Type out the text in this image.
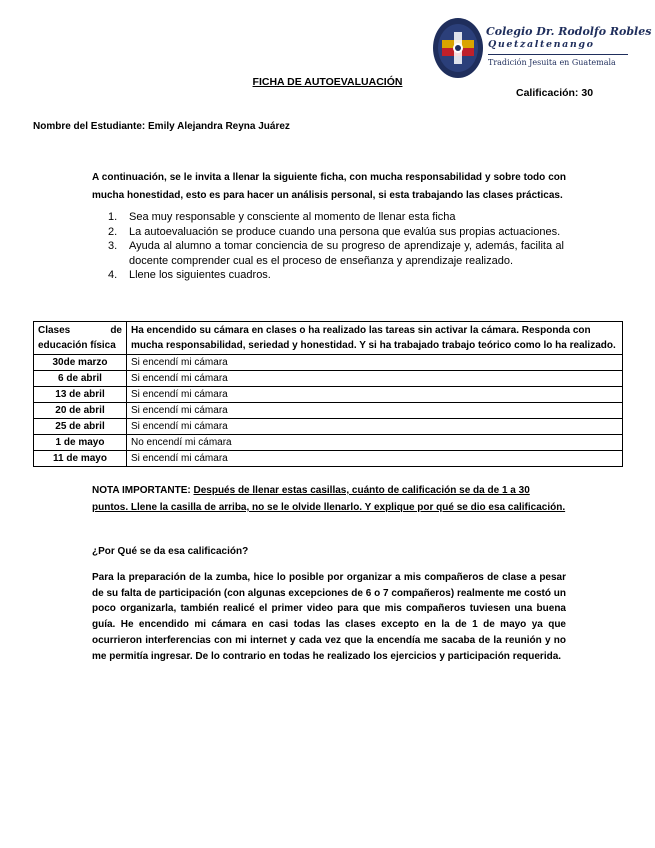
Colegio Dr. Rodolfo Robles
Quetzaltenango
Tradición Jesuita en Guatemala
FICHA DE AUTOEVALUACIÓN
Calificación: 30
Nombre del Estudiante: Emily Alejandra Reyna Juárez
A continuación, se le invita a llenar la siguiente ficha, con mucha responsabilidad y sobre todo con mucha honestidad, esto es para hacer un análisis personal, si esta trabajando las clases prácticas.
1. Sea muy responsable y consciente al momento de llenar esta ficha
2. La autoevaluación se produce cuando una persona que evalúa sus propias actuaciones.
3. Ayuda al alumno a tomar conciencia de su progreso de aprendizaje y, además, facilita al docente comprender cual es el proceso de enseñanza y aprendizaje realizado.
4. Llene los siguientes cuadros.
Clases de
educación física	Ha encendido su cámara en clases o ha realizado las tareas sin activar la cámara. Responda con mucha responsabilidad, seriedad y honestidad. Y si ha trabajado trabajo teórico como lo ha realizado.
30de marzo	Si encendí mi cámara
6 de abril	Si encendí mi cámara
13 de abril	Si encendí mi cámara
20 de abril	Si encendí mi cámara
25 de abril	Si encendí mi cámara
1 de mayo	No encendí mi cámara
11 de mayo	Si encendí mi cámara
NOTA IMPORTANTE: Después de llenar estas casillas, cuánto de calificación se da de 1 a 30 puntos. Llene la casilla de arriba, no se le olvide llenarlo. Y explique por qué se dio esa calificación.
¿Por Qué se da esa calificación?
Para la preparación de la zumba, hice lo posible por organizar a mis compañeros de clase a pesar de su falta de participación (con algunas excepciones de 6 o 7 compañeros) realmente me costó un poco organizarla, también realicé el primer video para que mis compañeros tuviesen una buena guía. He encendido mi cámara en casi todas las clases excepto en la de 1 de mayo ya que ocurrieron interferencias con mi internet y cada vez que la encendía me sacaba de la reunión y no me permitía ingresar. De lo contrario en todas he realizado los ejercicios y participación requerida.
